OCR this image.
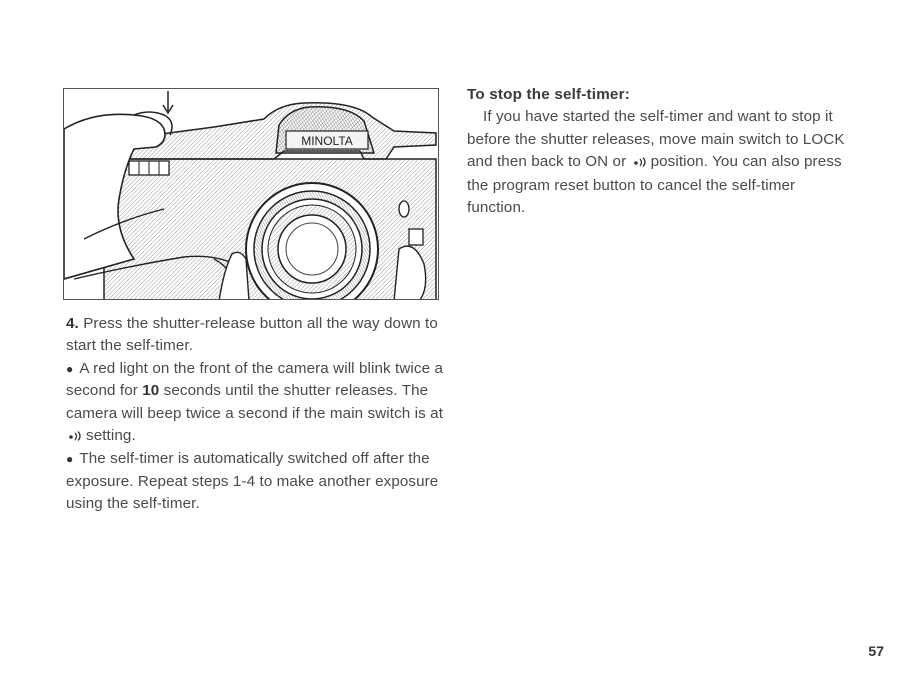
MINOLTA

4. Press the shutter-release button all the way down to start the self-timer.

● A red light on the front of the camera will blink twice a second for 10 seconds until the shutter releases. The camera will beep twice a second if the main switch is atsetting.

● The self-timer is automatically switched off after the exposure. Repeat steps 1-4 to make another exposure using the self-timer.

To stop the self-timer:

If you have started the self-timer and want to stop it before the shutter releases, move main switch to LOCK and then back to ON or position. You can also press the program reset button to cancel the self-timer function.

57
